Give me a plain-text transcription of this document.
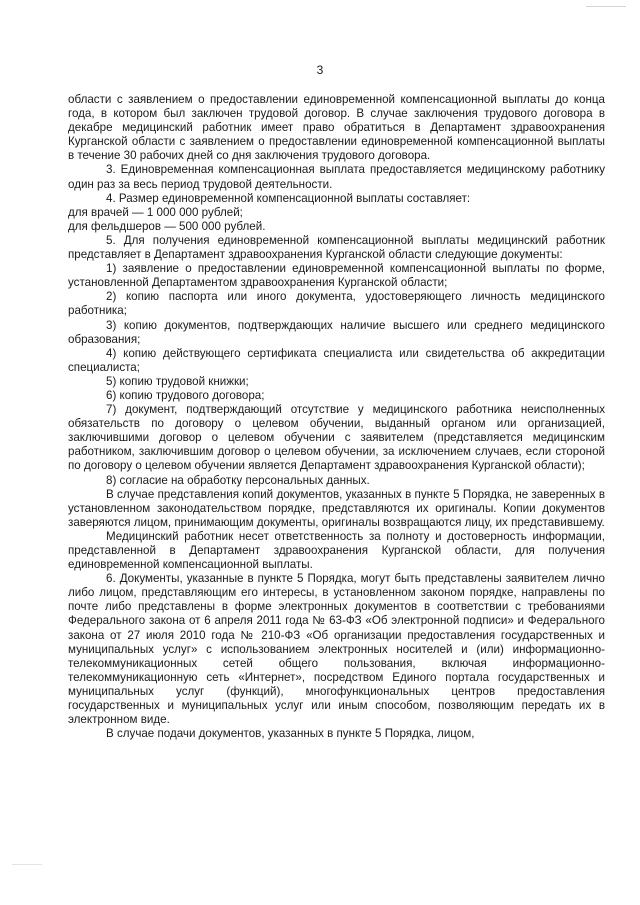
3

области с заявлением о предоставлении единовременной компенсационной выплаты до конца года, в котором был заключен трудовой договор. В случае заключения трудового договора в декабре медицинский работник имеет право обратиться в Департамент здравоохранения Курганской области с заявлением о предоставлении единовременной компенсационной выплаты в течение 30 рабочих дней со дня заключения трудового договора.

3. Единовременная компенсационная выплата предоставляется медицинскому работнику один раз за весь период трудовой деятельности.

4. Размер единовременной компенсационной выплаты составляет:

для врачей — 1 000 000 рублей;

для фельдшеров — 500 000 рублей.

5. Для получения единовременной компенсационной выплаты медицинский работник представляет в Департамент здравоохранения Курганской области следующие документы:

1) заявление о предоставлении единовременной компенсационной выплаты по форме, установленной Департаментом здравоохранения Курганской области;

2) копию паспорта или иного документа, удостоверяющего личность медицинского работника;

3) копию документов, подтверждающих наличие высшего или среднего медицинского образования;

4) копию действующего сертификата специалиста или свидетельства об аккредитации специалиста;

5) копию трудовой книжки;

6) копию трудового договора;

7) документ, подтверждающий отсутствие у медицинского работника неисполненных обязательств по договору о целевом обучении, выданный органом или организацией, заключившими договор о целевом обучении с заявителем (представляется медицинским работником, заключившим договор о целевом обучении, за исключением случаев, если стороной по договору о целевом обучении является Департамент здравоохранения Курганской области);

8) согласие на обработку персональных данных.

В случае представления копий документов, указанных в пункте 5 Порядка, не заверенных в установленном законодательством порядке, представляются их оригиналы. Копии документов заверяются лицом, принимающим документы, оригиналы возвращаются лицу, их представившему.

Медицинский работник несет ответственность за полноту и достоверность информации, представленной в Департамент здравоохранения Курганской области, для получения единовременной компенсационной выплаты.

6. Документы, указанные в пункте 5 Порядка, могут быть представлены заявителем лично либо лицом, представляющим его интересы, в установленном законом порядке, направлены по почте либо представлены в форме электронных документов в соответствии с требованиями Федерального закона от 6 апреля 2011 года № 63-ФЗ «Об электронной подписи» и Федерального закона от 27 июля 2010 года № 210-ФЗ «Об организации предоставления государственных и муниципальных услуг» с использованием электронных носителей и (или) информационно-телекоммуникационных сетей общего пользования, включая информационно-телекоммуникационную сеть «Интернет», посредством Единого портала государственных и муниципальных услуг (функций), многофункциональных центров предоставления государственных и муниципальных услуг или иным способом, позволяющим передать их в электронном виде.

В случае подачи документов, указанных в пункте 5 Порядка, лицом,
